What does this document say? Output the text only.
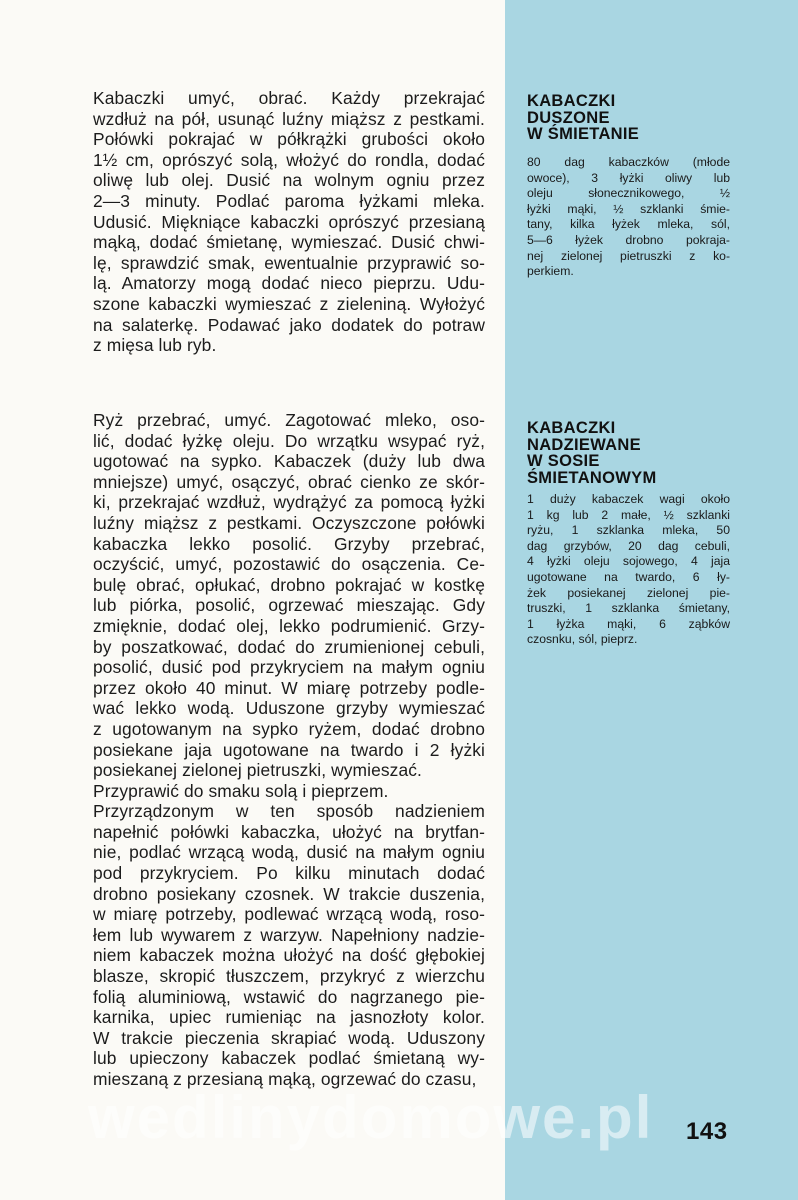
Kabaczki umyć, obrać. Każdy przekrajać
wzdłuż na pół, usunąć luźny miąższ z pestkami.
Połówki pokrajać w półkrążki grubości około
1½ cm, oprószyć solą, włożyć do rondla, dodać
oliwę lub olej. Dusić na wolnym ogniu przez
2—3 minuty. Podlać paroma łyżkami mleka.
Udusić. Miękniące kabaczki oprószyć przesianą
mąką, dodać śmietanę, wymieszać. Dusić chwi-
lę, sprawdzić smak, ewentualnie przyprawić so-
lą. Amatorzy mogą dodać nieco pieprzu. Udu-
szone kabaczki wymieszać z zieleniną. Wyłożyć
na salaterkę. Podawać jako dodatek do potraw
z mięsa lub ryb.
Ryż przebrać, umyć. Zagotować mleko, oso-
lić, dodać łyżkę oleju. Do wrzątku wsypać ryż,
ugotować na sypko. Kabaczek (duży lub dwa
mniejsze) umyć, osączyć, obrać cienko ze skór-
ki, przekrajać wzdłuż, wydrążyć za pomocą łyżki
luźny miąższ z pestkami. Oczyszczone połówki
kabaczka lekko posolić. Grzyby przebrać,
oczyścić, umyć, pozostawić do osączenia. Ce-
bulę obrać, opłukać, drobno pokrajać w kostkę
lub piórka, posolić, ogrzewać mieszając. Gdy
zmięknie, dodać olej, lekko podrumienić. Grzy-
by poszatkować, dodać do zrumienionej cebuli,
posolić, dusić pod przykryciem na małym ogniu
przez około 40 minut. W miarę potrzeby podle-
wać lekko wodą. Uduszone grzyby wymieszać
z ugotowanym na sypko ryżem, dodać drobno
posiekane jaja ugotowane na twardo i 2 łyżki
posiekanej zielonej pietruszki, wymieszać.
Przyprawić do smaku solą i pieprzem.
Przyrządzonym w ten sposób nadzieniem
napełnić połówki kabaczka, ułożyć na brytfan-
nie, podlać wrzącą wodą, dusić na małym ogniu
pod przykryciem. Po kilku minutach dodać
drobno posiekany czosnek. W trakcie duszenia,
w miarę potrzeby, podlewać wrzącą wodą, roso-
łem lub wywarem z warzyw. Napełniony nadzie-
niem kabaczek można ułożyć na dość głębokiej
blasze, skropić tłuszczem, przykryć z wierzchu
folią aluminiową, wstawić do nagrzanego pie-
karnika, upiec rumieniąc na jasnozłoty kolor.
W trakcie pieczenia skrapiać wodą. Uduszony
lub upieczony kabaczek podlać śmietaną wy-
mieszaną z przesianą mąką, ogrzewać do czasu,
KABACZKI
DUSZONE
W ŚMIETANIE
80 dag kabaczków (młode
owoce), 3 łyżki oliwy lub
oleju słonecznikowego, ½
łyżki mąki, ½ szklanki śmie-
tany, kilka łyżek mleka, sól,
5—6 łyżek drobno pokraja-
nej zielonej pietruszki z ko-
perkiem.
KABACZKI
NADZIEWANE
W SOSIE
ŚMIETANOWYM
1 duży kabaczek wagi około
1 kg lub 2 małe, ½ szklanki
ryżu, 1 szklanka mleka, 50
dag grzybów, 20 dag cebuli,
4 łyżki oleju sojowego, 4 jaja
ugotowane na twardo, 6 ły-
żek posiekanej zielonej pie-
truszki, 1 szklanka śmietany,
1 łyżka mąki, 6 ząbków
czosnku, sól, pieprz.
wedlinydomowe.pl 143
